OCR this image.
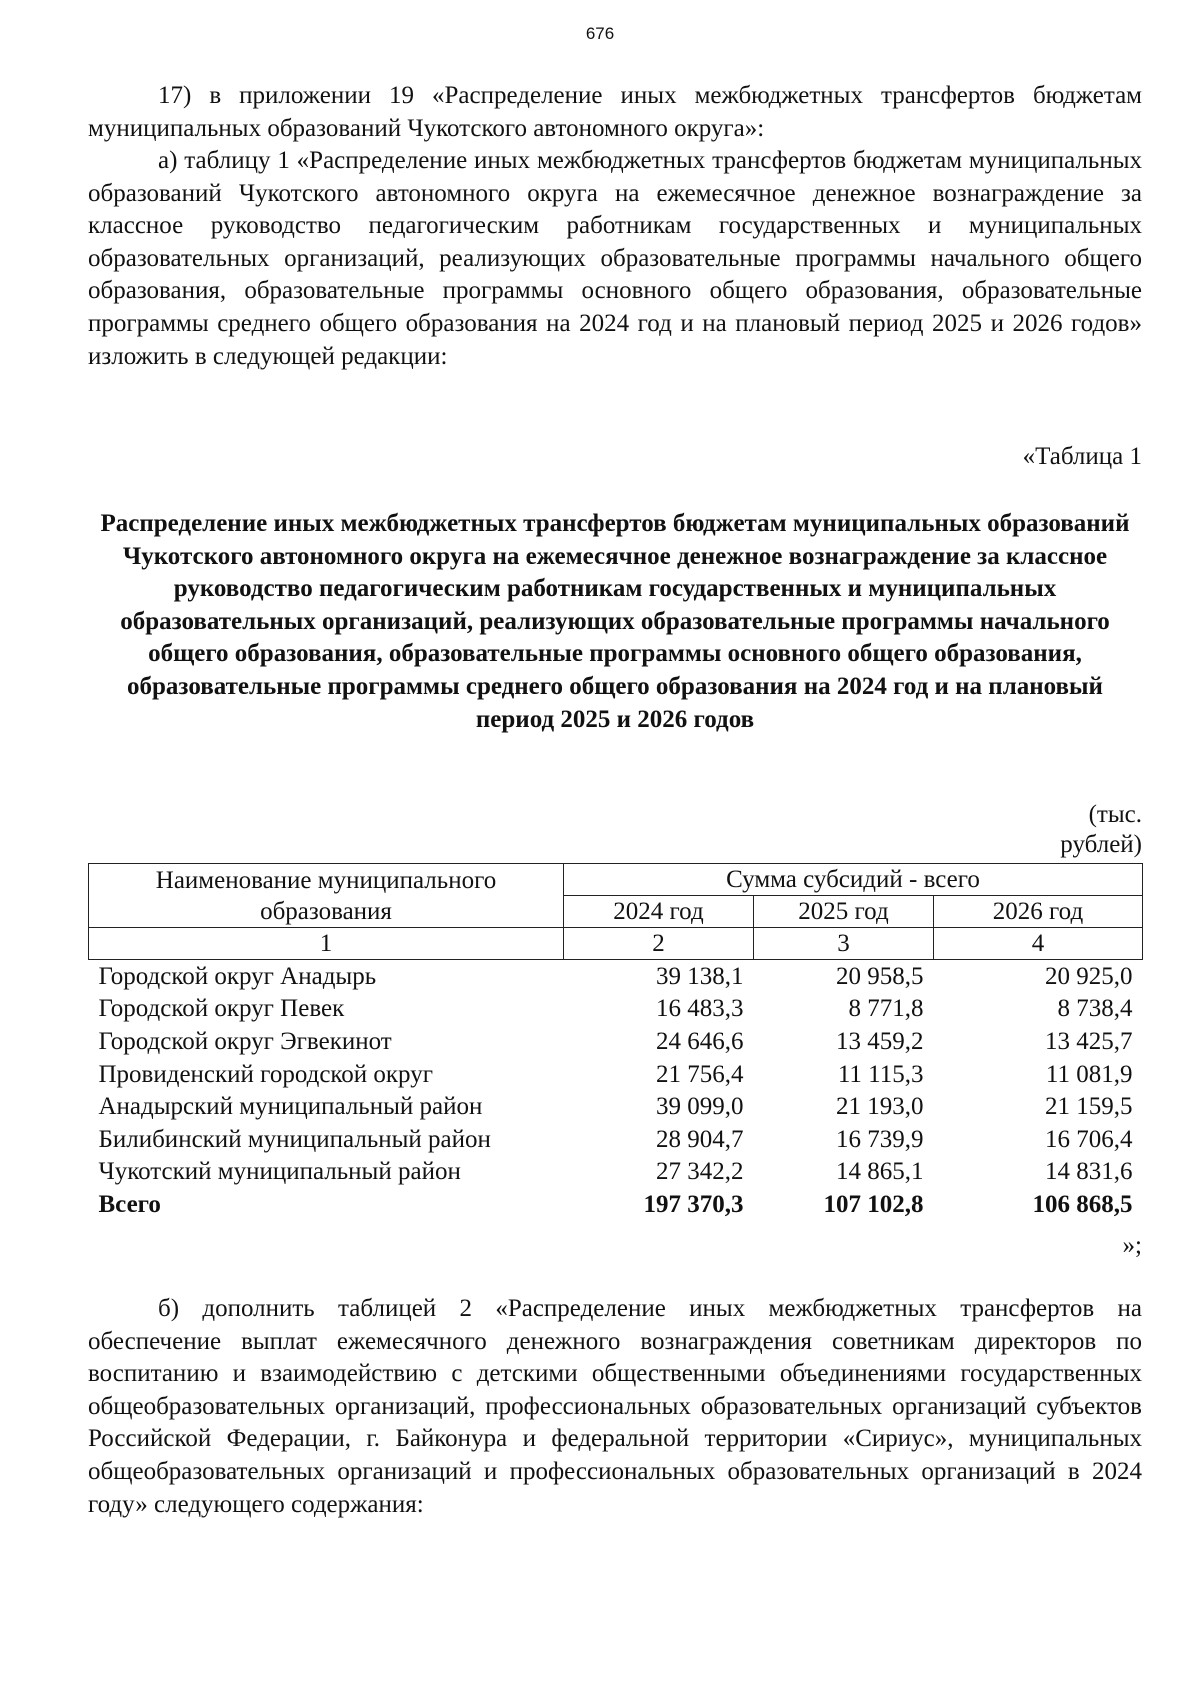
676

17) в приложении 19 «Распределение иных межбюджетных трансфертов бюджетам муниципальных образований Чукотского автономного округа»:

а) таблицу 1 «Распределение иных межбюджетных трансфертов бюджетам муниципальных образований Чукотского автономного округа на ежемесячное денежное вознаграждение за классное руководство педагогическим работникам государственных и муниципальных образовательных организаций, реализующих образовательные программы начального общего образования, образовательные программы основного общего образования, образовательные программы среднего общего образования на 2024 год и на плановый период 2025 и 2026 годов» изложить в следующей редакции:

«Таблица 1

Распределение иных межбюджетных трансфертов бюджетам муниципальных образований Чукотского автономного округа на ежемесячное денежное вознаграждение за классное руководство педагогическим работникам государственных и муниципальных образовательных организаций, реализующих образовательные программы начального общего образования, образовательные программы основного общего образования, образовательные программы среднего общего образования на 2024 год и на плановый период 2025 и 2026 годов

(тыс. рублей)
Наименование муниципального образования	Сумма субсидий - всего		
	2024 год	2025 год	2026 год
1	2	3	4
Городской округ Анадырь	39 138,1	20 958,5	20 925,0
Городской округ Певек	16 483,3	8 771,8	8 738,4
Городской округ Эгвекинот	24 646,6	13 459,2	13 425,7
Провиденский городской округ	21 756,4	11 115,3	11 081,9
Анадырский муниципальный район	39 099,0	21 193,0	21 159,5
Билибинский муниципальный район	28 904,7	16 739,9	16 706,4
Чукотский муниципальный район	27 342,2	14 865,1	14 831,6
Всего	197 370,3	107 102,8	106 868,5
»;

б) дополнить таблицей 2 «Распределение иных межбюджетных трансфертов на обеспечение выплат ежемесячного денежного вознаграждения советникам директоров по воспитанию и взаимодействию с детскими общественными объединениями государственных общеобразовательных организаций, профессиональных образовательных организаций субъектов Российской Федерации, г. Байконура и федеральной территории «Сириус», муниципальных общеобразовательных организаций и профессиональных образовательных организаций в 2024 году» следующего содержания:
